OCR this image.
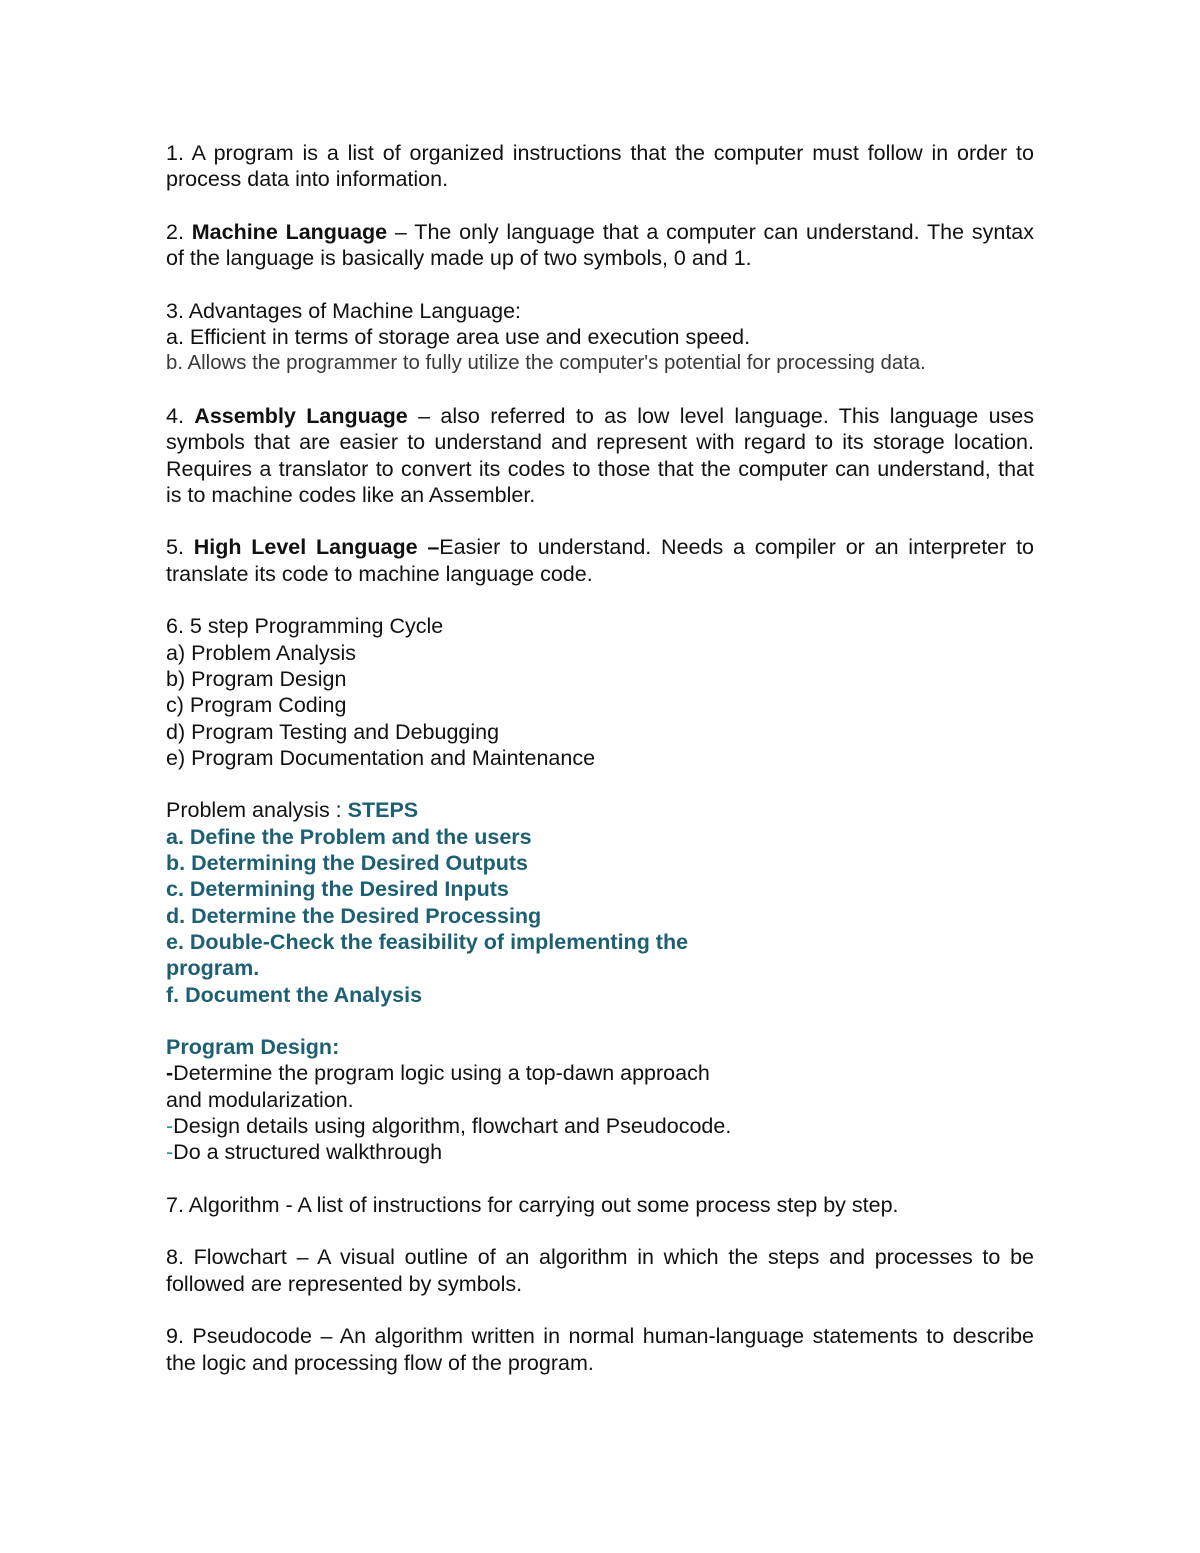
1. A program is a list of organized instructions that the computer must follow in order to process data into information.

2. Machine Language – The only language that a computer can understand. The syntax of the language is basically made up of two symbols, 0 and 1.

3. Advantages of Machine Language:
a. Efficient in terms of storage area use and execution speed.
b. Allows the programmer to fully utilize the computer's potential for processing data.

4. Assembly Language – also referred to as low level language. This language uses symbols that are easier to understand and represent with regard to its storage location. Requires a translator to convert its codes to those that the computer can understand, that is to machine codes like an Assembler.

5. High Level Language –Easier to understand. Needs a compiler or an interpreter to translate its code to machine language code.

6. 5 step Programming Cycle
a) Problem Analysis
b) Program Design
c) Program Coding
d) Program Testing and Debugging
e) Program Documentation and Maintenance
Problem analysis : STEPS
a. Define the Problem and the users
b. Determining the Desired Outputs
c. Determining the Desired Inputs
d. Determine the Desired Processing
e. Double-Check the feasibility of implementing the
program.
f. Document the Analysis
Program Design:
-Determine the program logic using a top-dawn approach
and modularization.
-Design details using algorithm, flowchart and Pseudocode.
-Do a structured walkthrough

7. Algorithm - A list of instructions for carrying out some process step by step.

8. Flowchart – A visual outline of an algorithm in which the steps and processes to be followed are represented by symbols.

9. Pseudocode – An algorithm written in normal human-language statements to describe the logic and processing flow of the program.
